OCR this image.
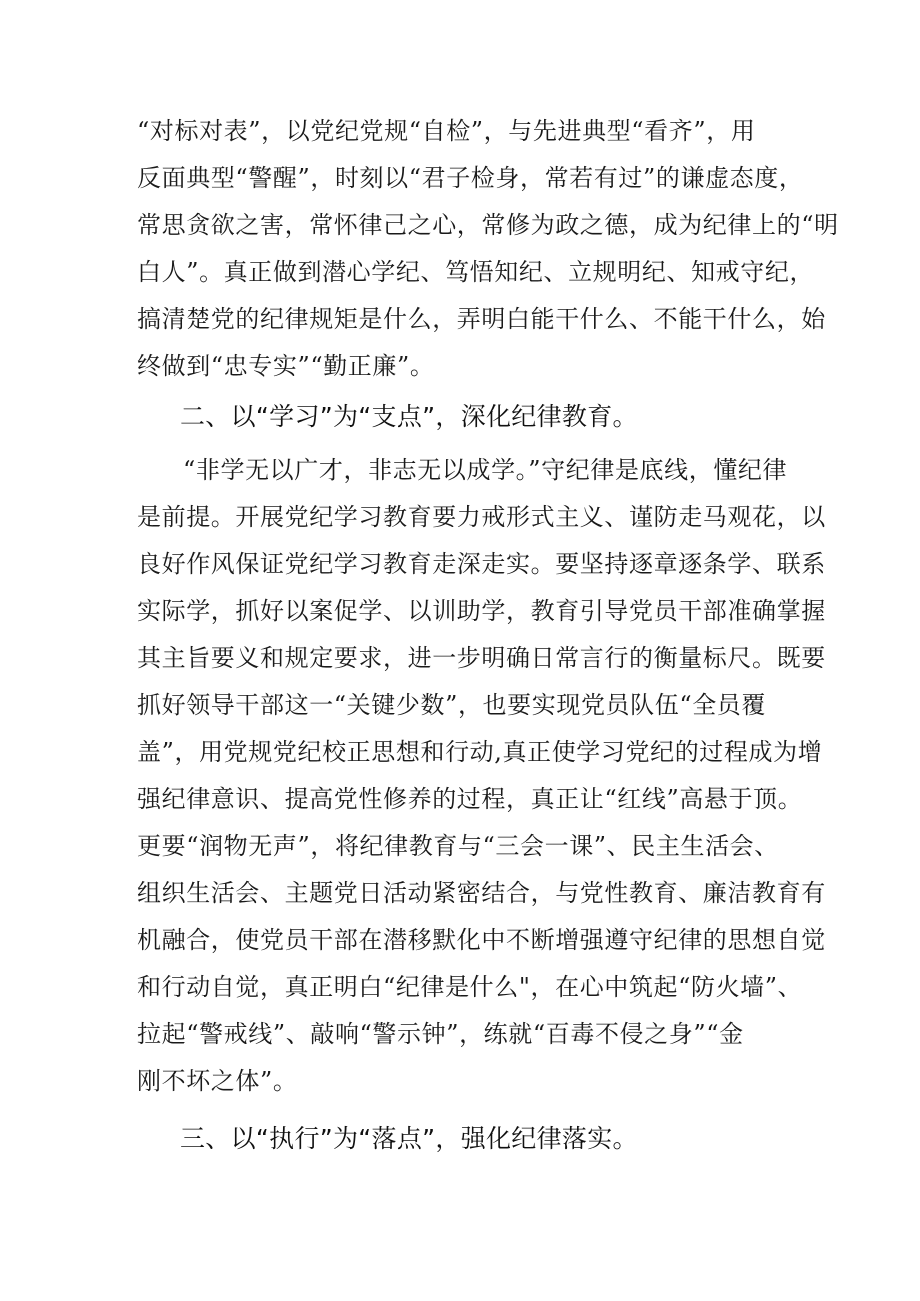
“对标对表”，以党纪党规“自检”，与先进典型“看齐”，用
反面典型“警醒”，时刻以“君子检身，常若有过”的谦虚态度，
常思贪欲之害，常怀律己之心，常修为政之德，成为纪律上的“明
白人”。真正做到潜心学纪、笃悟知纪、立规明纪、知戒守纪，
搞清楚党的纪律规矩是什么，弄明白能干什么、不能干什么，始
终做到“忠专实”“勤正廉”。
二、以“学习”为“支点”，深化纪律教育。
“非学无以广才，非志无以成学。”守纪律是底线，懂纪律
是前提。开展党纪学习教育要力戒形式主义、谨防走马观花，以
良好作风保证党纪学习教育走深走实。要坚持逐章逐条学、联系
实际学，抓好以案促学、以训助学，教育引导党员干部准确掌握
其主旨要义和规定要求，进一步明确日常言行的衡量标尺。既要
抓好领导干部这一“关键少数”，也要实现党员队伍“全员覆
盖”，用党规党纪校正思想和行动,真正使学习党纪的过程成为增
强纪律意识、提高党性修养的过程，真正让“红线”高悬于顶。
更要“润物无声”，将纪律教育与“三会一课”、民主生活会、
组织生活会、主题党日活动紧密结合，与党性教育、廉洁教育有
机融合，使党员干部在潜移默化中不断增强遵守纪律的思想自觉
和行动自觉，真正明白“纪律是什么"，在心中筑起“防火墙”、
拉起“警戒线”、敲响“警示钟”，练就“百毒不侵之身”“金
刚不坏之体”。
三、以“执行”为“落点”，强化纪律落实。
